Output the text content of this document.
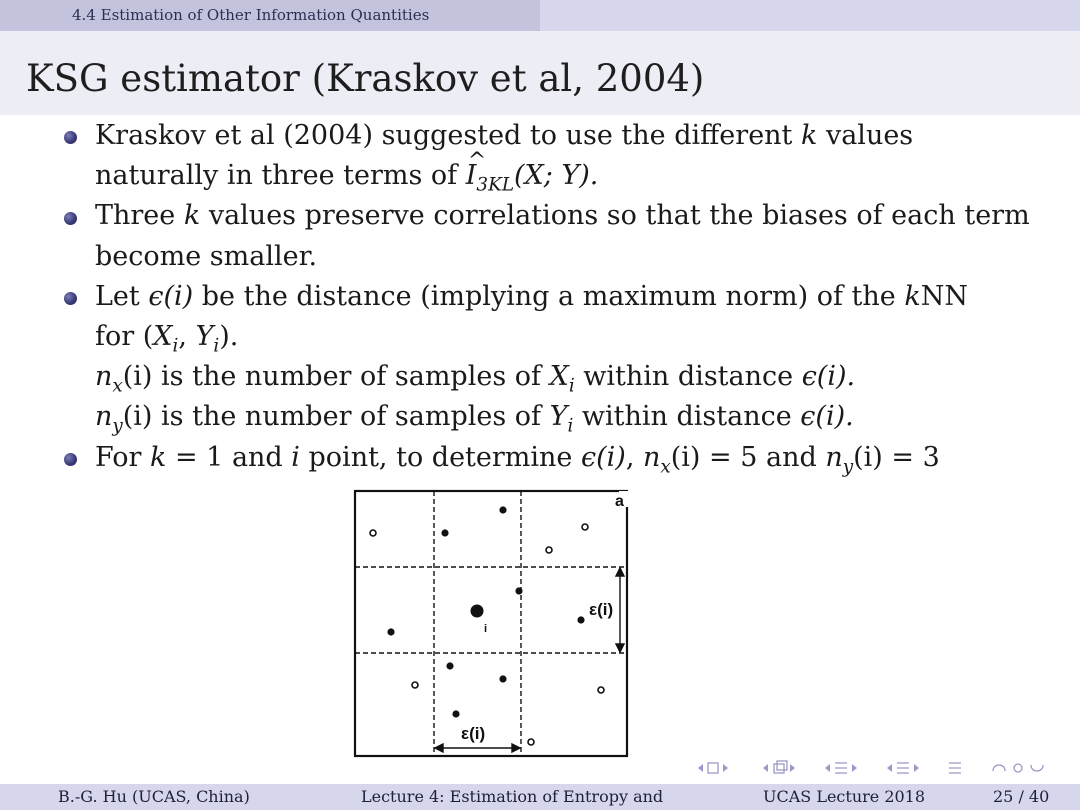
4.4 Estimation of Other Information Quantities
KSG estimator (Kraskov et al, 2004)
Kraskov et al (2004) suggested to use the different k values
naturally in three terms of ^ $I_{3KL}(X$; Y).
Three k values preserve correlations so that the biases of each term
become smaller.
Let ϵ(i) be the distance (implying a maximum norm) of the kNN
for ($X_i$, $Y_i$).
$n_x(i)$ is the number of samples of $X_i$ within distance ϵ(i).
$n_y(i)$ is the number of samples of $Y_i$ within distance ϵ(i).
For k = 1 and i point, to determine ϵ(i), $n_x(i) = 5$ and $n_y(i) = 3$
a
ε(i)
ε(i)
i
B.-G. Hu (UCAS, China)	Lecture 4: Estimation of Entropy and	UCAS Lecture 2018	25 / 40
